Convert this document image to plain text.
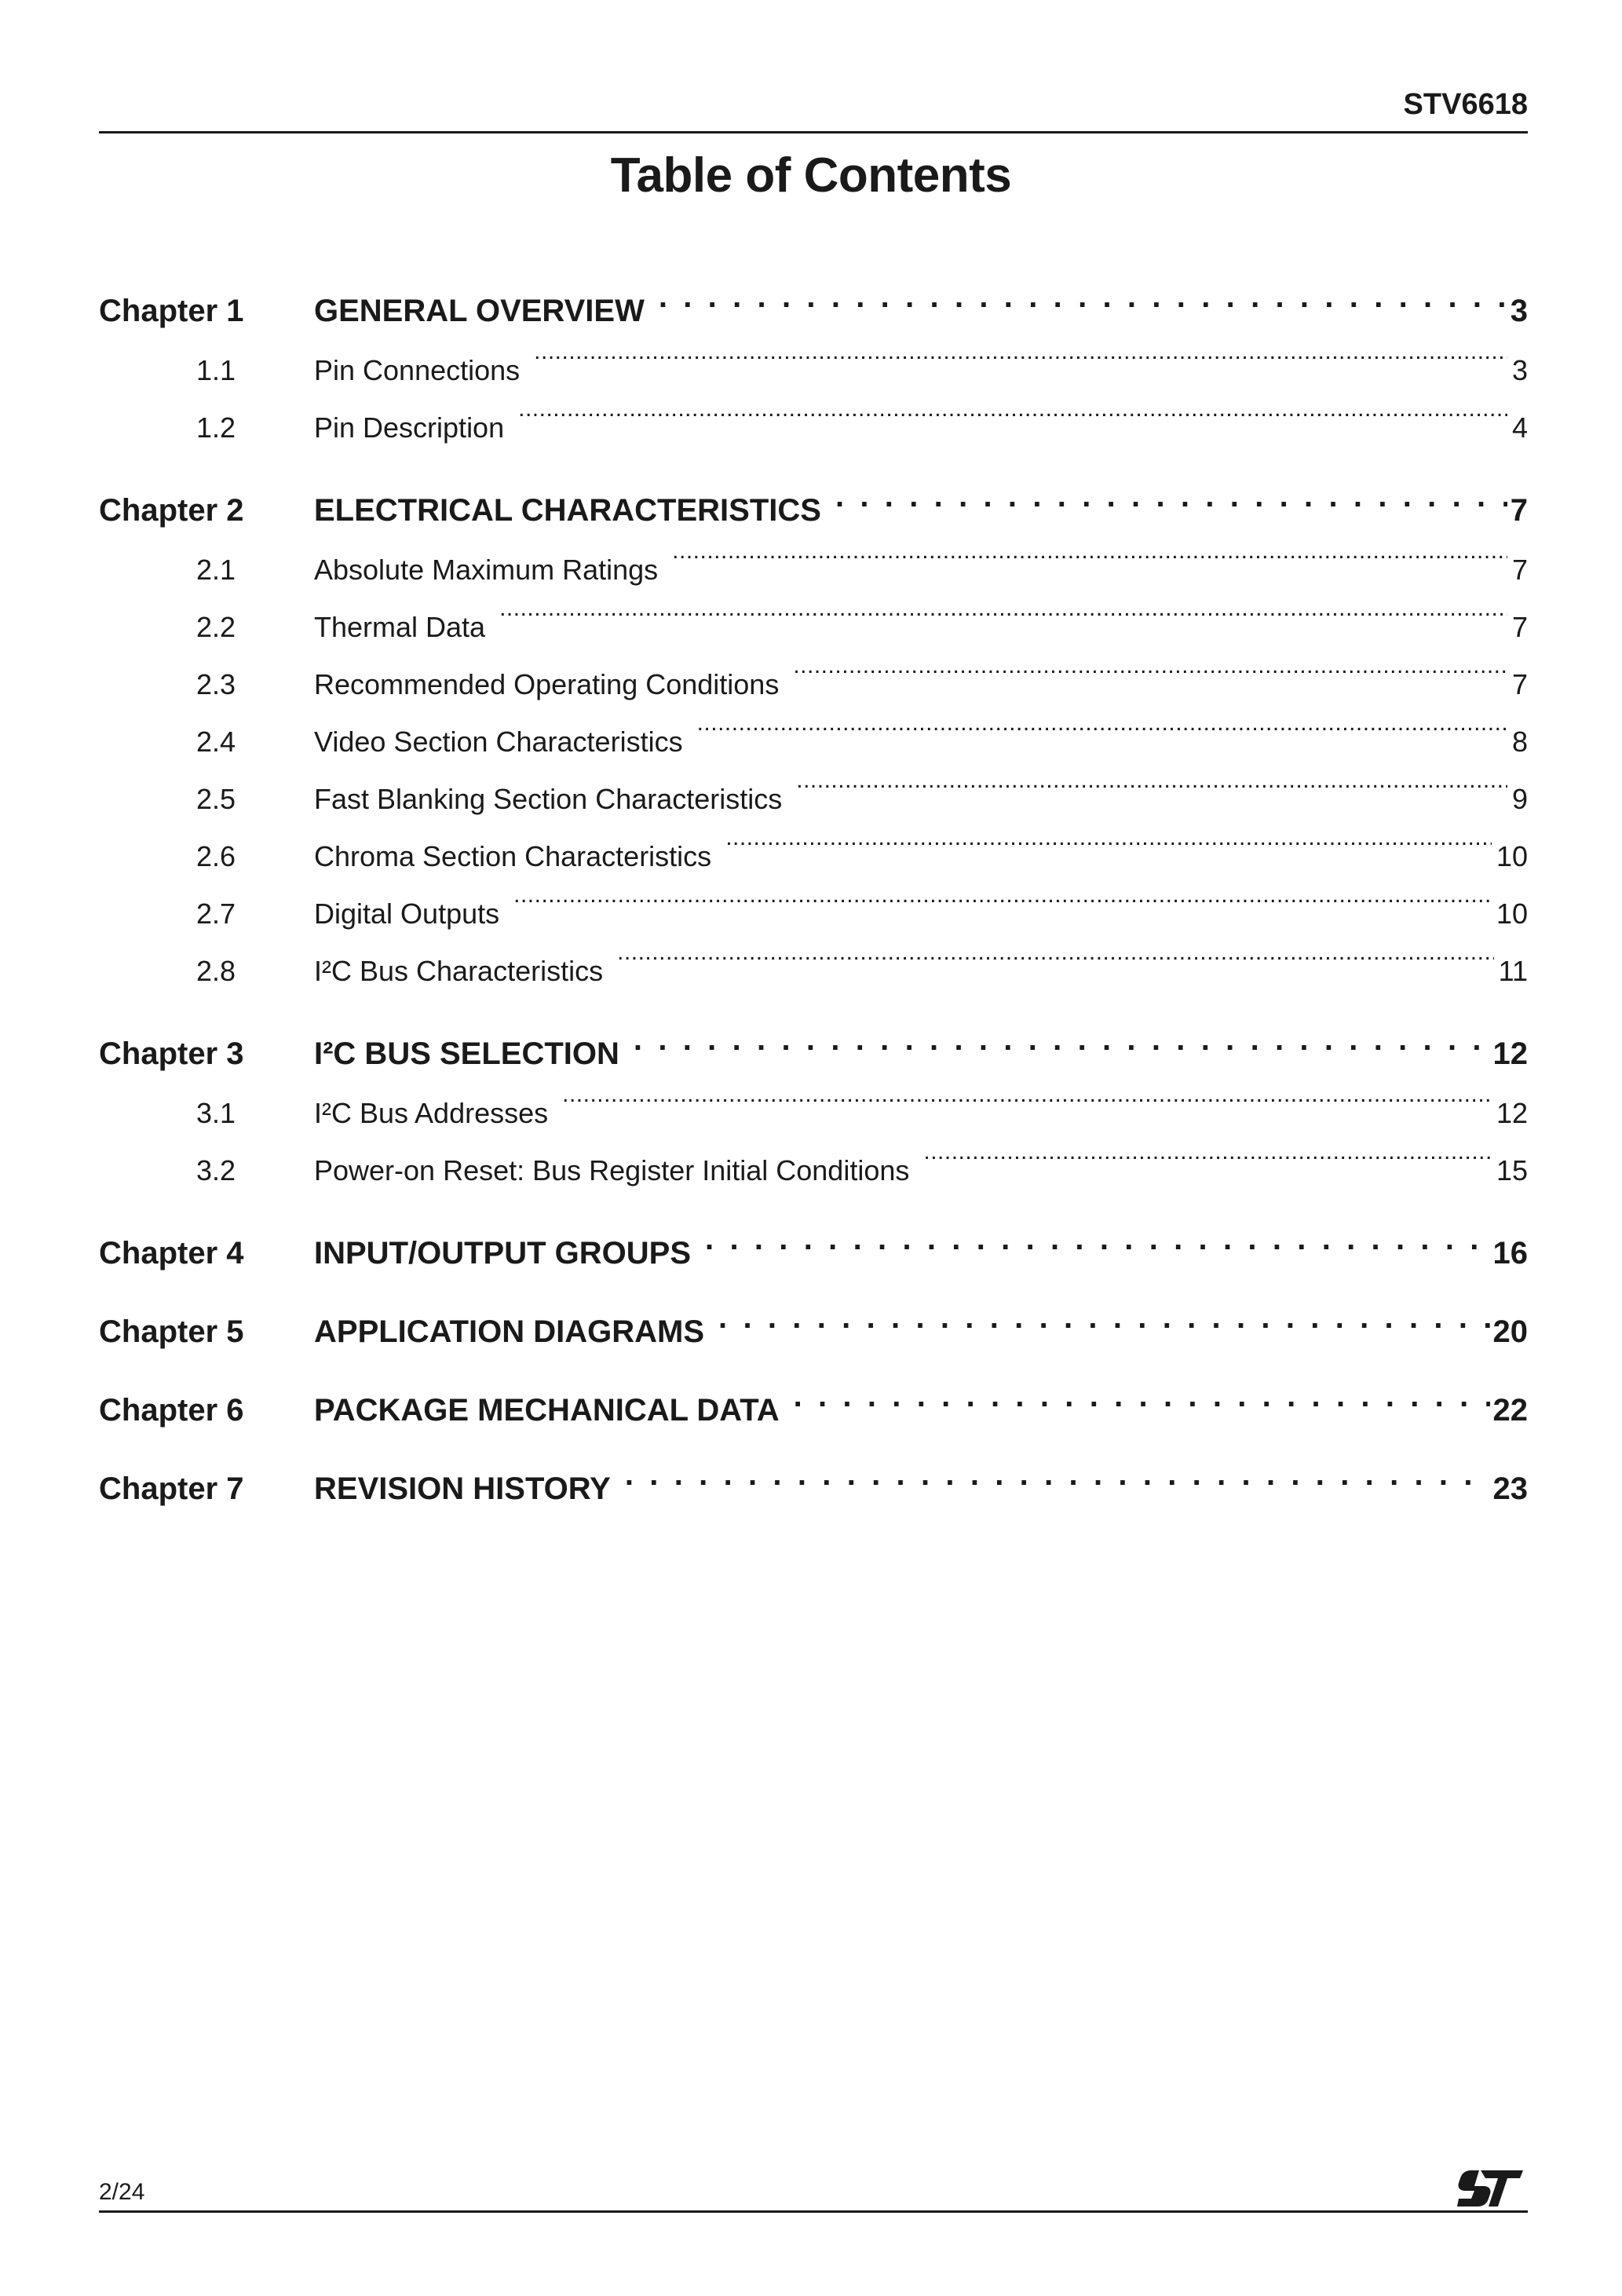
STV6618
Table of Contents
Chapter 1	GENERAL OVERVIEW . . .	3
1.1	Pin Connections .....	3
1.2	Pin Description .....	4
Chapter 2	ELECTRICAL CHARACTERISTICS . . .	7
2.1	Absolute Maximum Ratings .....	7
2.2	Thermal Data .....	7
2.3	Recommended Operating Conditions .....	7
2.4	Video Section Characteristics .....	8
2.5	Fast Blanking Section Characteristics .....	9
2.6	Chroma Section Characteristics .....	10
2.7	Digital Outputs .....	10
2.8	I²C Bus Characteristics .....	11
Chapter 3	I²C BUS SELECTION . . .	12
3.1	I²C Bus Addresses .....	12
3.2	Power-on Reset: Bus Register Initial Conditions .....	15
Chapter 4	INPUT/OUTPUT GROUPS . . .	16
Chapter 5	APPLICATION DIAGRAMS . . .	20
Chapter 6	PACKAGE MECHANICAL DATA . . .	22
Chapter 7	REVISION HISTORY . . .	23
2/24
